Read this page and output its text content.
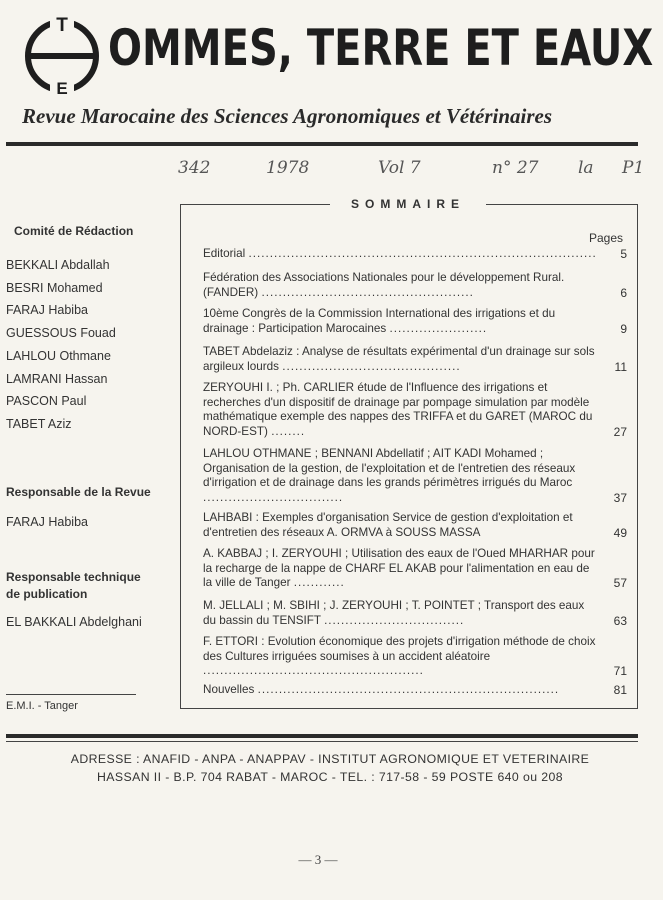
T
E
OMMES, TERRE ET EAUX
Revue Marocaine des Sciences Agronomiques et Vétérinaires
342	1978	Vol 7	n° 27 la P1
Comité de Rédaction
BEKKALI Abdallah
BESRI Mohamed
FARAJ Habiba
GUESSOUS Fouad
LAHLOU Othmane
LAMRANI Hassan
PASCON Paul
TABET Aziz
Responsable de la Revue
FARAJ Habiba
Responsable technique de publication
EL BAKKALI Abdelghani
E.M.I. - Tanger
Pages
Editorial ..................................................................................	5
Fédération des Associations Nationales pour le développement Rural. (FANDER) ..................................................	6
10ème Congrès de la Commission International des irrigations et du drainage : Participation Marocaines .......................	9
TABET Abdelaziz : Analyse de résultats expérimental d'un drainage sur sols argileux lourds ..........................................	11
ZERYOUHI I. ; Ph. CARLIER étude de l'Influence des irrigations et recherches d'un dispositif de drainage par pompage simulation par modèle mathématique exemple des nappes des TRIFFA et du GARET (MAROC du NORD-EST) ........	27
LAHLOU OTHMANE ; BENNANI Abdellatif ; AIT KADI Mohamed ; Organisation de la gestion, de l'exploitation et de l'entretien des réseaux d'irrigation et de drainage dans les grands périmètres irrigués du Maroc .................................	37
LAHBABI : Exemples d'organisation Service de gestion d'exploitation et d'entretien des réseaux A. ORMVA à SOUSS MASSA	49
A. KABBAJ ; I. ZERYOUHI ; Utilisation des eaux de l'Oued MHARHAR pour la recharge de la nappe de CHARF EL AKAB pour l'alimentation en eau de la ville de Tanger ............	57
M. JELLALI ; M. SBIHI ; J. ZERYOUHI ; T. POINTET ; Transport des eaux du bassin du TENSIFT .................................	63
F. ETTORI : Evolution économique des projets d'irrigation méthode de choix des Cultures irriguées soumises à un accident aléatoire ....................................................	71
Nouvelles .......................................................................	81
SOMMAIRE
ADRESSE : ANAFID - ANPA - ANAPPAV - INSTITUT AGRONOMIQUE ET VETERINAIRE
HASSAN II - B.P. 704 RABAT - MAROC - TEL. : 717-58 - 59 POSTE 640 ou 208
— 3 —
